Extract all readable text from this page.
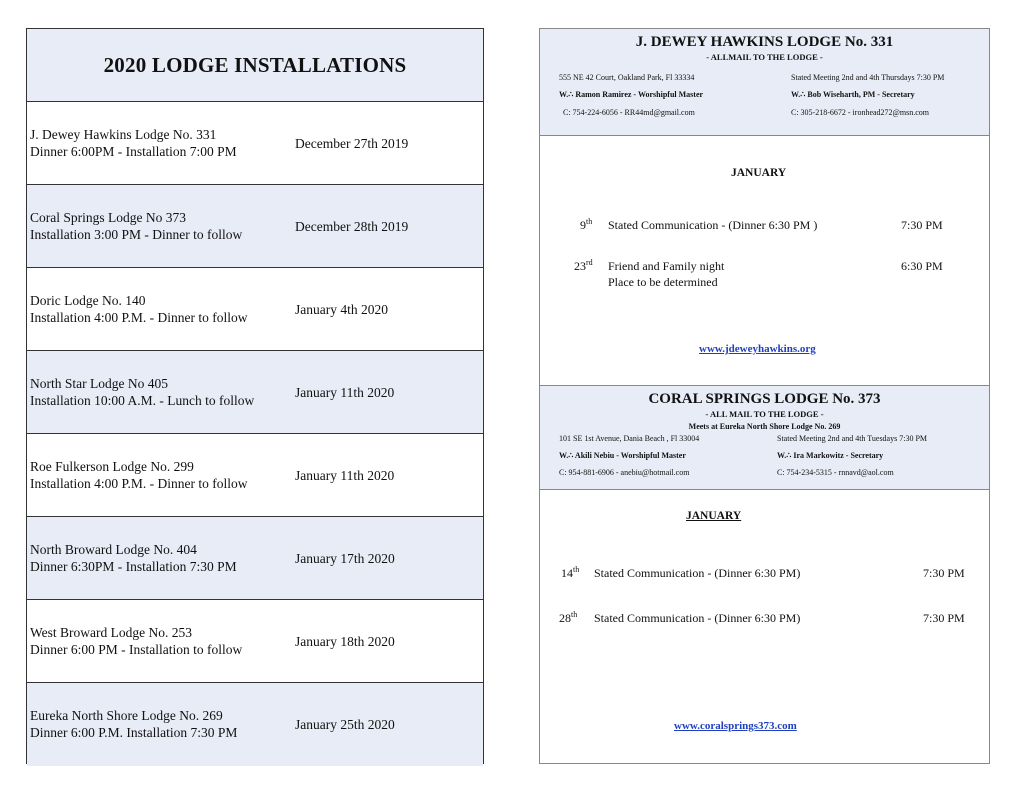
2020 LODGE INSTALLATIONS
J. Dewey Hawkins Lodge No. 331
Dinner 6:00PM - Installation 7:00 PM
December 27th 2019
Coral Springs Lodge No 373
Installation 3:00 PM - Dinner to follow
December 28th 2019
Doric Lodge No. 140
Installation 4:00 P.M. - Dinner to follow
January 4th 2020
North Star Lodge No 405
Installation 10:00 A.M. - Lunch to follow
January 11th 2020
Roe Fulkerson Lodge No. 299
Installation 4:00 P.M. - Dinner to follow
January 11th 2020
North Broward Lodge No. 404
Dinner 6:30PM - Installation 7:30 PM
January 17th 2020
West Broward Lodge No. 253
Dinner 6:00 PM - Installation to follow
January 18th 2020
Eureka North Shore Lodge No. 269
Dinner 6:00 P.M. Installation 7:30 PM
January 25th 2020
J. DEWEY HAWKINS LODGE No. 331
- ALLMAIL TO THE LODGE -
555 NE 42 Court, Oakland Park, Fl 33334	Stated Meeting 2nd and 4th Thursdays 7:30 PM
W.∴ Ramon Ramirez - Worshipful Master	W.∴ Bob Wiseharth, PM - Secretary
C: 754-224-6056 - RR44md@gmail.com	C: 305-218-6672 - ironhead272@msn.com
JANUARY
9th Stated Communication - (Dinner 6:30 PM )	7:30 PM
23rd Friend and Family night
Place to be determined
6:30 PM
www.jdeweyhawkins.org
CORAL SPRINGS LODGE No. 373
- ALL MAIL TO THE LODGE -
Meets at Eureka North Shore Lodge No. 269
101 SE 1st Avenue, Dania Beach , Fl 33004	Stated Meeting 2nd and 4th Tuesdays 7:30 PM
W.∴ Akili Nebiu - Worshipful Master	W.∴ Ira Markowitz - Secretary
C: 954-881-6906 - anebiu@hotmail.com	C: 754-234-5315 - rnnavd@aol.com
JANUARY
14th Stated Communication - (Dinner 6:30 PM)	7:30 PM
28th Stated Communication - (Dinner 6:30 PM)	7:30 PM
www.coralsprings373.com
